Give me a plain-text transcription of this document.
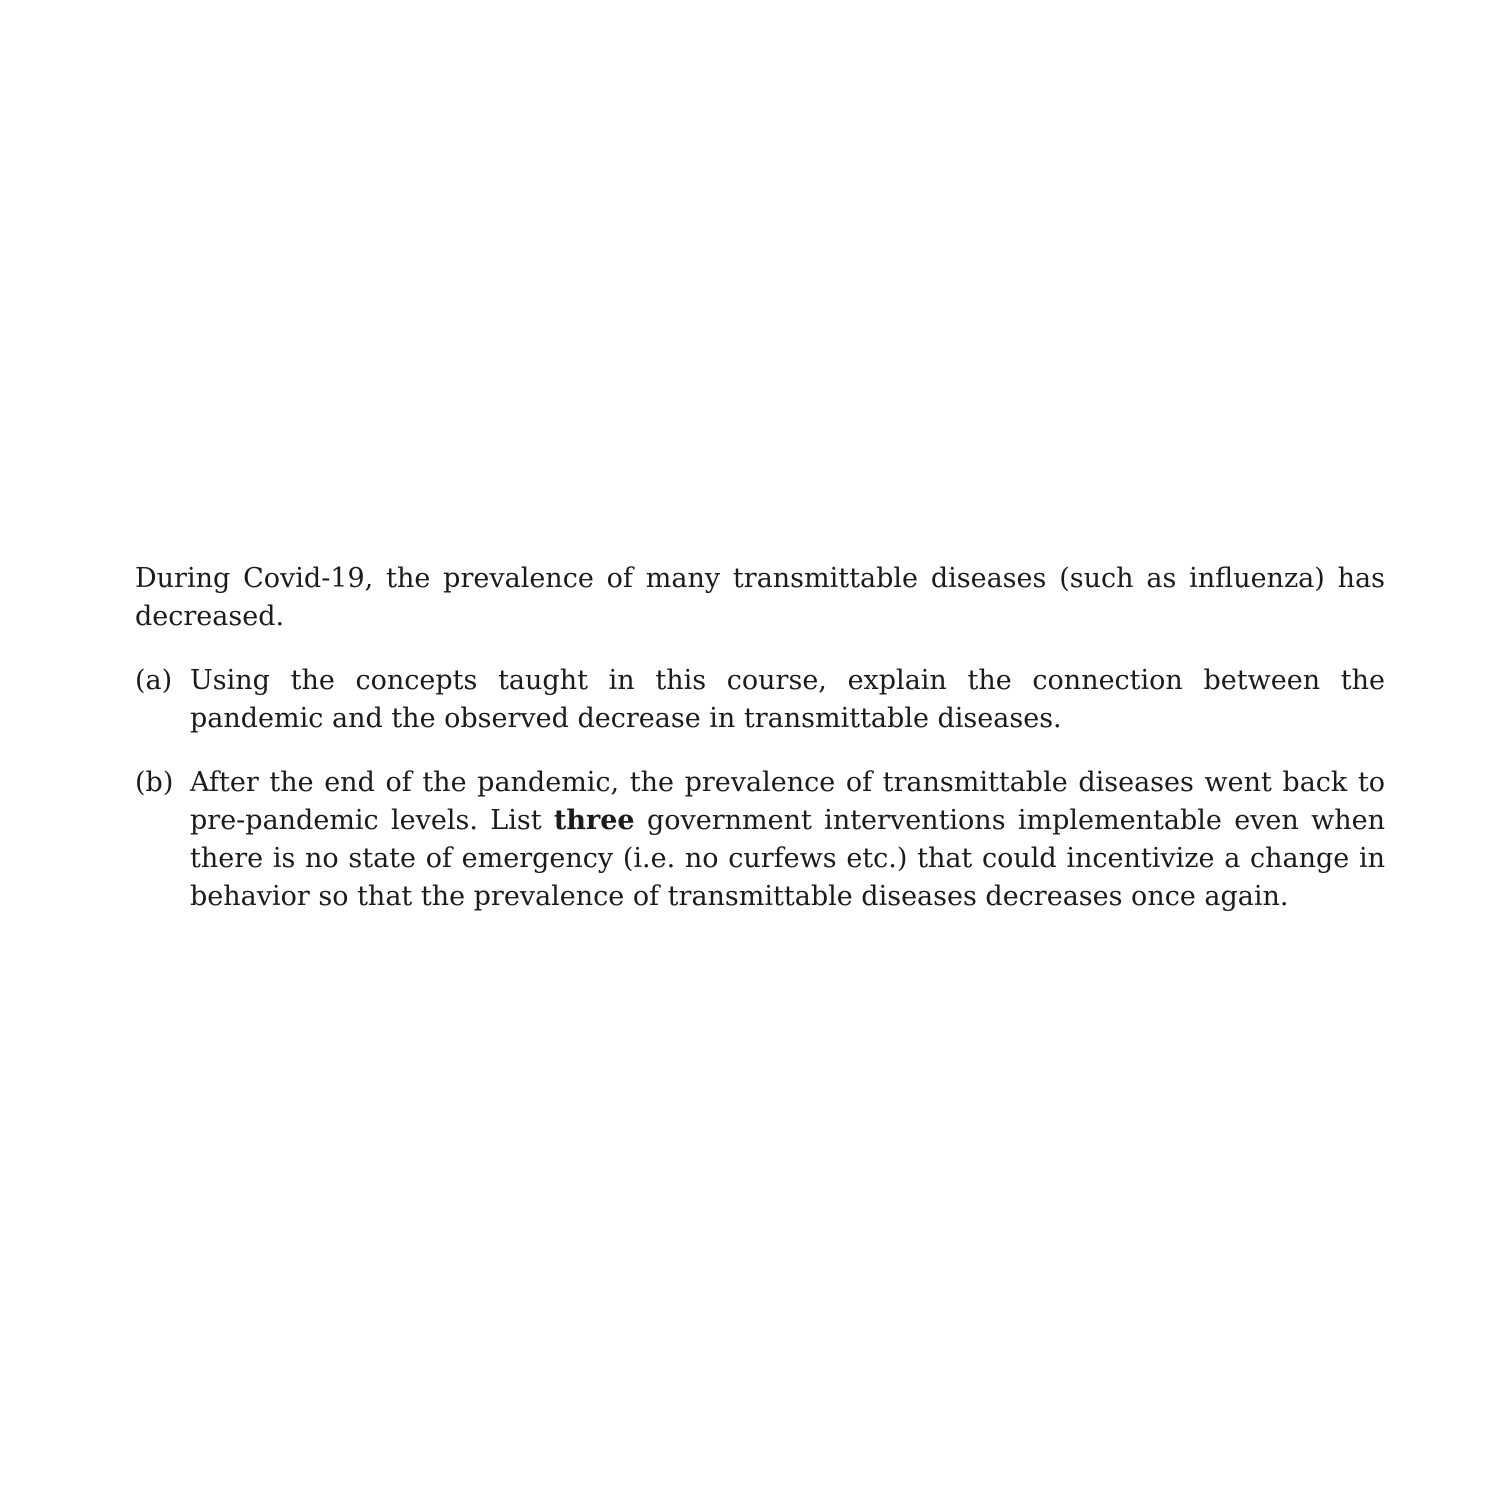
During Covid-19, the prevalence of many transmittable diseases (such as influenza) has decreased.

(a) Using the concepts taught in this course, explain the connection between the pandemic and the observed decrease in transmittable diseases.
(b) After the end of the pandemic, the prevalence of transmittable diseases went back to pre-pandemic levels. List three government interventions implementable even when there is no state of emergency (i.e. no curfews etc.) that could incentivize a change in behavior so that the prevalence of transmittable diseases decreases once again.
